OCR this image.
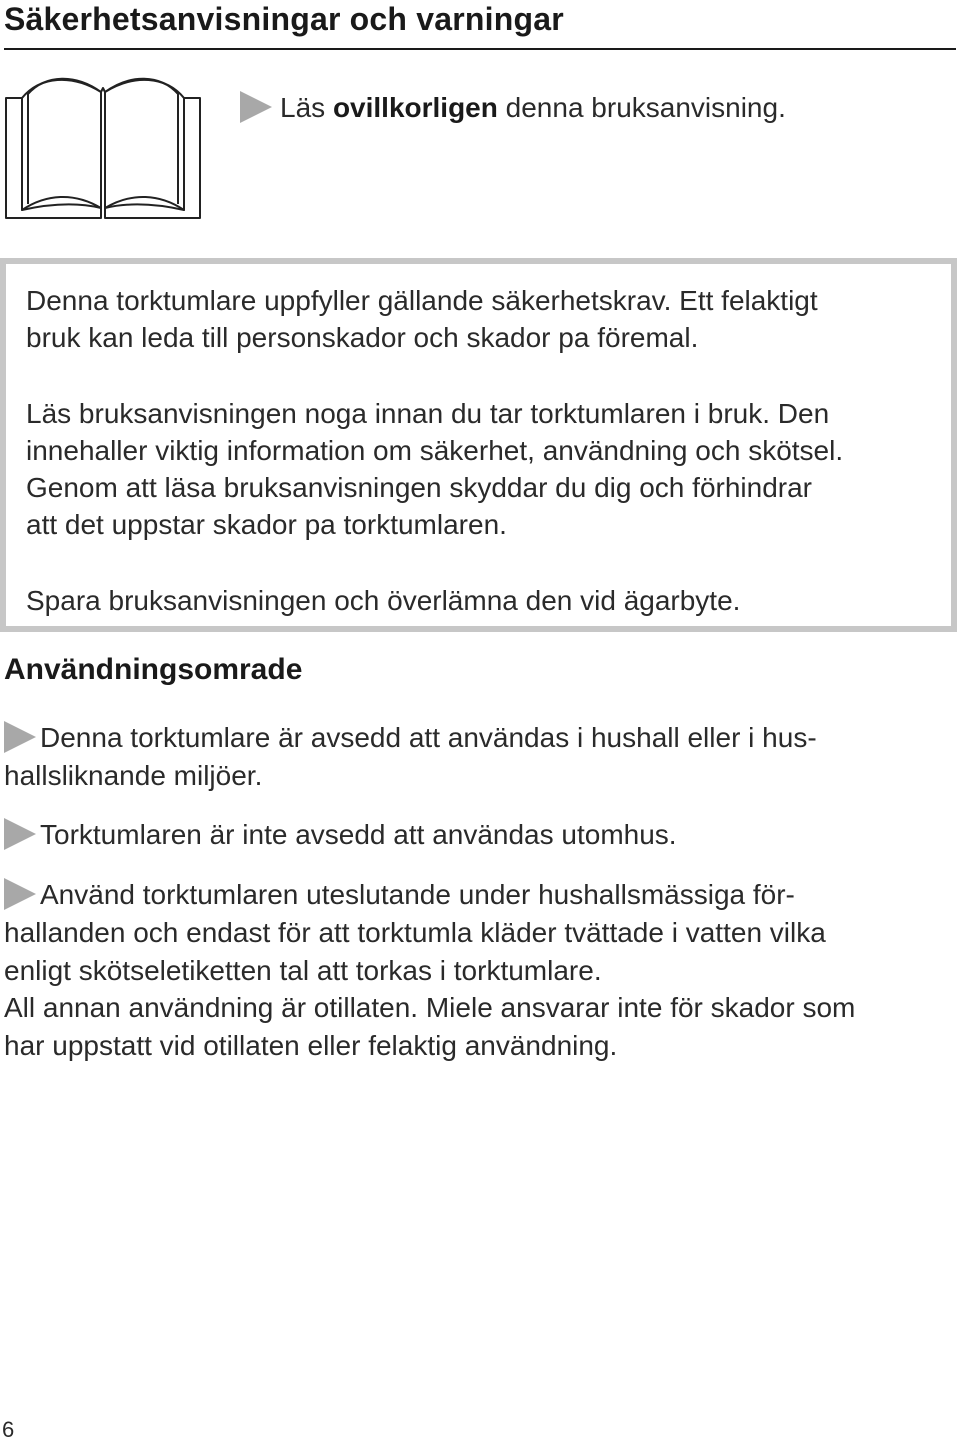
Säkerhetsanvisningar och varningar
Läs ovillkorligen denna bruksanvisning.

Denna torktumlare uppfyller gällande säkerhetskrav. Ett felaktigt

bruk kan leda till personskador och skador pa föremal.

Läs bruksanvisningen noga innan du tar torktumlaren i bruk. Den

innehaller viktig information om säkerhet, användning och skötsel.

Genom att läsa bruksanvisningen skyddar du dig och förhindrar

att det uppstar skador pa torktumlaren.

Spara bruksanvisningen och överlämna den vid ägarbyte.

Användningsomrade

Denna torktumlare är avsedd att användas i hushall eller i hus-

hallsliknande miljöer.

Torktumlaren är inte avsedd att användas utomhus.

Använd torktumlaren uteslutande under hushallsmässiga för-

hallanden och endast för att torktumla kläder tvättade i vatten vilka

enligt skötseletiketten tal att torkas i torktumlare.

All annan användning är otillaten. Miele ansvarar inte för skador som

har uppstatt vid otillaten eller felaktig användning.

6
